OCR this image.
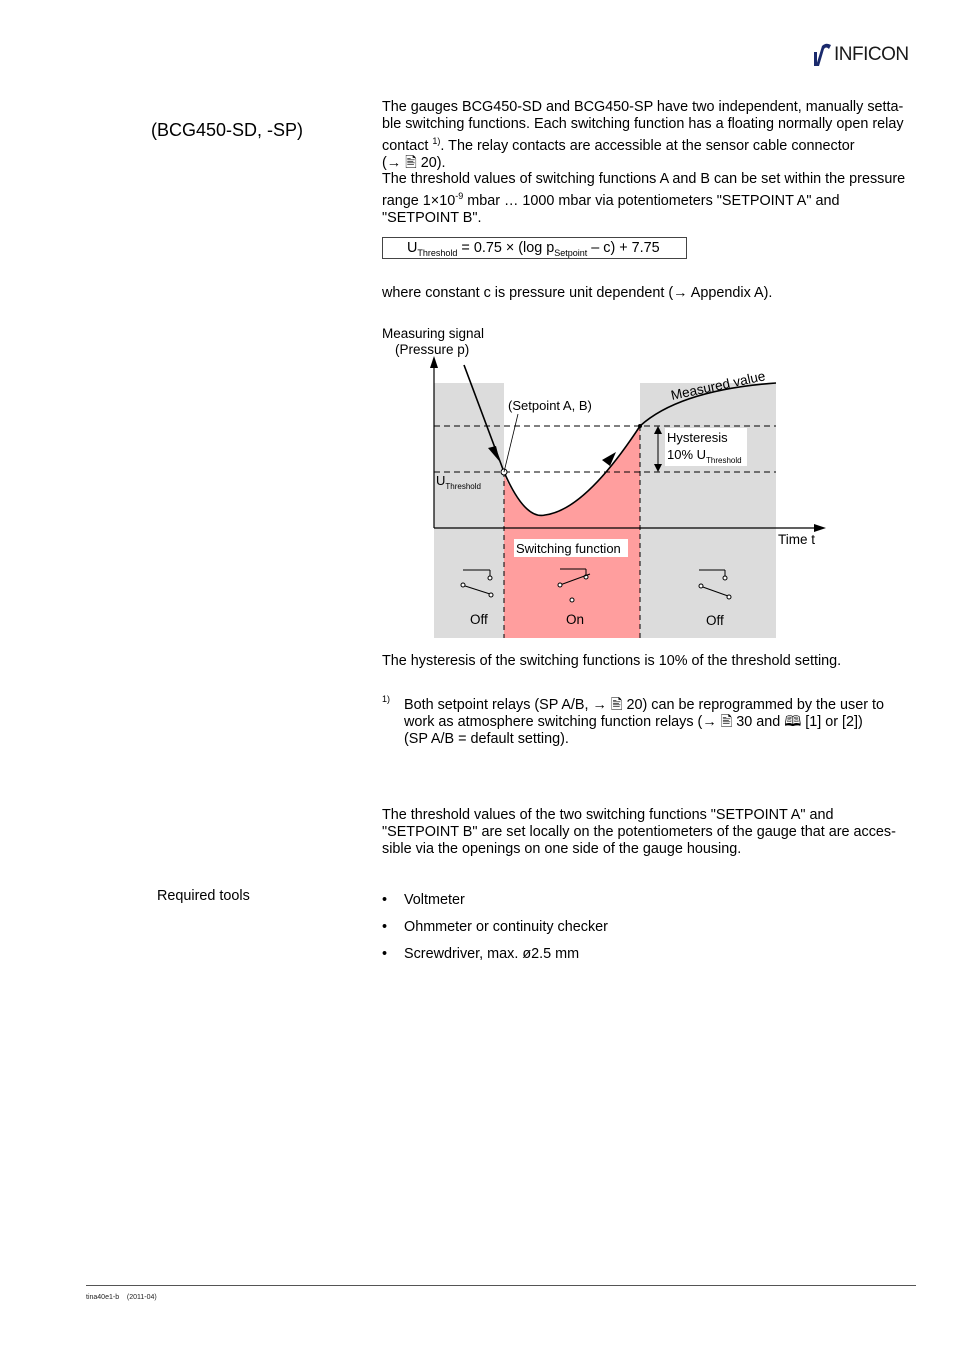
INFICON
(BCG450-SD, -SP)
The gauges BCG450-SD and BCG450-SP have two independent, manually setta-
ble switching functions. Each switching function has a floating normally open relay
contact $^{1)}$. The relay contacts are accessible at the sensor cable connector
(→ 🖹 20).
The threshold values of switching functions A and B can be set within the pressure
range $1\times 10^{-9}$ mbar … 1000 mbar via potentiometers "SETPOINT A" and
"SETPOINT B".
$U_{Threshold} = 0.75 \times (\log$ $p_{Setpoint} - c) + 7.75$
where constant c is pressure unit dependent (→ Appendix A).
Measuring signal
(Pressure p)
Time t
Measured value
(Setpoint A, B)
Hysteresis
10% $U_{Threshold}$
$U_{Threshold}$
Switching function
Off	On	Off
The hysteresis of the switching functions is 10% of the threshold setting.
1) Both setpoint relays (SP A/B, → 🖹 20) can be reprogrammed by the user to
work as atmosphere switching function relays (→ 🖹 30 and 🕮 [1] or [2])
(SP A/B = default setting).
The threshold values of the two switching functions "SETPOINT A" and
"SETPOINT B" are set locally on the potentiometers of the gauge that are acces-
sible via the openings on one side of the gauge housing.
Required tools	• Voltmeter
• Ohmmeter or continuity checker
• Screwdriver, max. ø2.5 mm
tina40e1-b (2011-04)
